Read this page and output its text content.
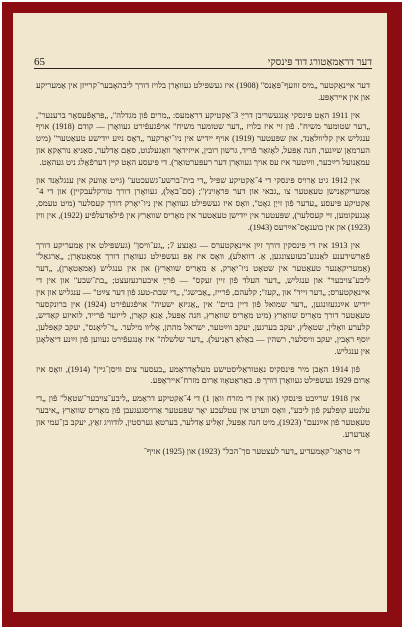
65	דער דראַמאַטורג דוד פּינסקי

דער אײנאַקטער „מיס זוזעף־פּאַנס" (1908) איז געשפּילט געוואָרן בלויז דורך ליבהאָבער־קרײזן אין אַמעריקע און אין אײראָפּע.

אין 1911 האָט פּינסקי אָנגעשריבן דרײַ 3־אַקטיקע דראַמעס: „מרים פֿון מגדלה", „פּראָפֿעסאָר ברענער", „דער שטומער משיח". פֿון זײ איז בלויז „דער שטומער משיח" אױפֿגעפֿירט געוואָרן — קודם (1918) אױף ענגליש אין קליװלאַנד, און שפּעטער (1919) אױף ייִדיש אין ניו־יאָרקער „דאָס נײַע ייִדישע טעאַטער" (מיט הערמאַן שײַנער, חנה אַפּעל, לאָזאַר פֿריד, גרשון רובין, אײזידאָר װאָגעלנוט, סאַם אַדלער, סאַניאַ נוראָקאָ און עמאַנועל רײַכער, ווײַטער איז עס אויך געוואָרן דער רעפּערטואַר). די פּיעסע האָט קײן דערפֿאָלג ניט געהאַט.

אין 1912 גיט אַרױס פּינסקי די 4־אַקטיקע שפּיל „די בית־ברשע־גשעכטע" (גײט אַוועק אין ענגלאַנד און אַמעריקאַנישן טעאַטער צו „גבאי און דער פּראָוינץ"; (סם־באָל), געוואָרן דורך טורקלעבקיין) און די 4־אַקטיקע פּיעסע „עדער פֿון זייַן גאָט", וואָס איז געשפּילט געוואָרן אין ניו־יאָרק דורך קעסלער (מיט טעמס, אָנגעקומען, זײ קעסלער), שפּעטער אין ייִדישן טעאַטער אין מאָריס שוואַרץ אין פֿילאַדעלפֿיע (1922), אין ווין (1923) און אין בוענאָס־אײַרעס (1943).

אין 1913 איז די פּינסקין דורך זײַן אײנאַקטערס — גאַנצע 7; „גע־װיסן" (געשפּילט אין אַמעריקע דורך פֿאַרשידענע לאַנגע־בעזעצונגען, אַ. דוואַלע), װאָס איז אַפּ געשפּילט געוואָרן דורך אַמאַטאָרן; „אַרגאַל" (אַמעריקאַנער טעאַטער אין שטאָט ניו־יאָרק, אַ מאָריס שוואַרץ) און אין ענגליש (אַמאַטאָרן), „דער ליבע־צויבער" און ענגליש, „דער העלד פֿון זיין זעקס" — פֿרײַ איבערגעזעצט; „בת־שבע" און אין די אײנאַקטערס; „דער זייד" און „קעז"; קלעהם, פֿרייז, „אַבישג", „די שבת-טעג פֿון דער צײַט" — ענגליש און אין ייִדיש אײַנגעזונגען, „דער שמואל פֿון דיין בוים" אין „אַגיזאָ ישעיה" אױפֿגעפֿירט (1924) אין ברונקסער טעאַטער דורך מאָריס שוואַרץ (מיט מאָריס שוואַרץ, חנה אַפּעל, אַנאַ קאָרן, לייזער פֿרייד, לואיזע קאַדיש, קלערע װאָלין, שטאָלץ, יעקב בערגען, יעקב ווײַטער, ישראל מהתן, אָליװ מילער. „ד־ליאָנס", יעקב קאַפּלען, יוסף ראָבין, יעקב וויסלער, רשהין — באַלאַ דאַניעל). „דער שלשלה" איז אָנגעפֿירט געווען פֿון זײַנע דיאַלאָגן אין ענגליש.

פֿון 1914 האָבן מיר פּינסקיס נאַטוראַליסטישע מעלאָדראַמע „בעסער צום װיסן־גײן" (1914), װאָס איז אַרום 1929 געשפּילט געוואָרן דורך פּ. באַראַטאָוו אַרום מזרח־אייראָפּע.

אין 1918 שרײַבט פּינסקי (און אין די מזרח וואַן 1) די 4־אַקטיקע דראַמע „ליבע־צויבער־שטאַל" פֿון „די עלנטע קופּלעק פֿון ליבע", װאָס װערט אין עטלעכע יאָר שפּעטער אַרויסגעגעבן פֿון מאָריס שוואַרץ „איבער טעאַטער פֿון אײַנעם" (1923), מיט חנה אַפּעל, זאַליע אַדלער, בערטאַ גערסטין, לודוויג זאַץ, יעקב בן־עמי און אַנדערע.

די טראַגי־קאָמעדיע „דער לעצטער סך־הכל" (1923) און (1925) אויף־
